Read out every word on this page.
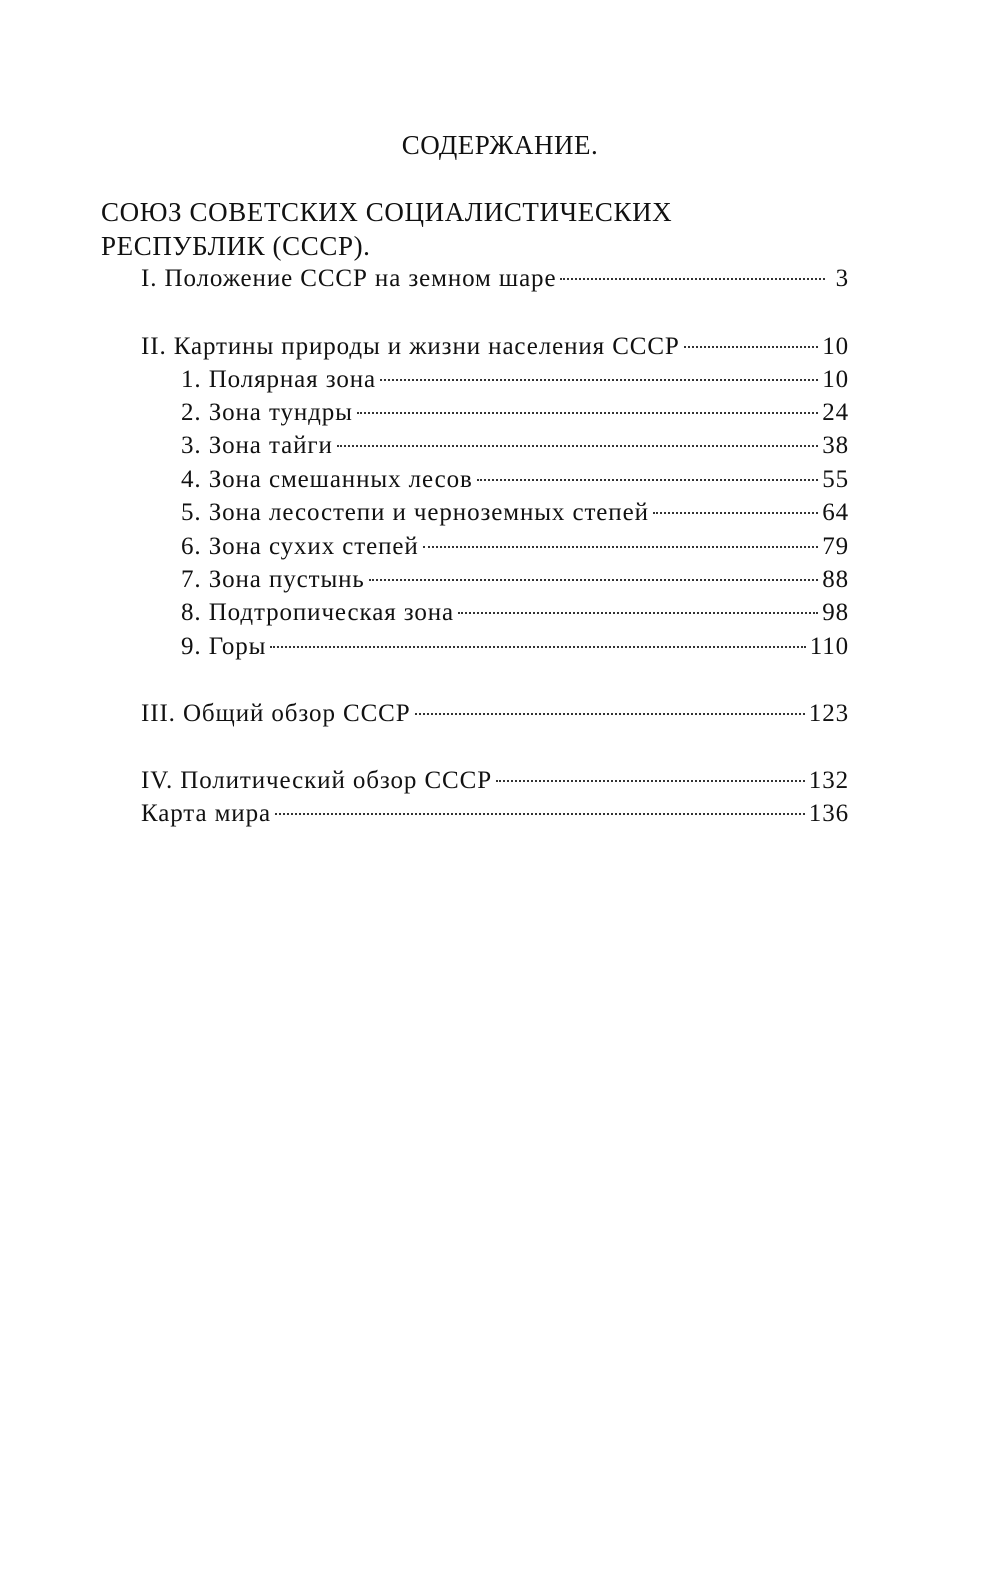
СОДЕРЖАНИЕ.
СОЮЗ СОВЕТСКИХ СОЦИАЛИСТИЧЕСКИХ
РЕСПУБЛИК (СССР).
I. Положение СССР на земном шаре	3
II. Картины природы и жизни населения СССР	10
1. Полярная зона	10
2. Зона тундры	24
3. Зона тайги	38
4. Зона смешанных лесов	55
5. Зона лесостепи и черноземных степей	64
6. Зона сухих степей	79
7. Зона пустынь	88
8. Подтропическая зона	98
9. Горы	110
III. Общий обзор СССР	123
IV. Политический обзор СССР	132
Карта мира	136
